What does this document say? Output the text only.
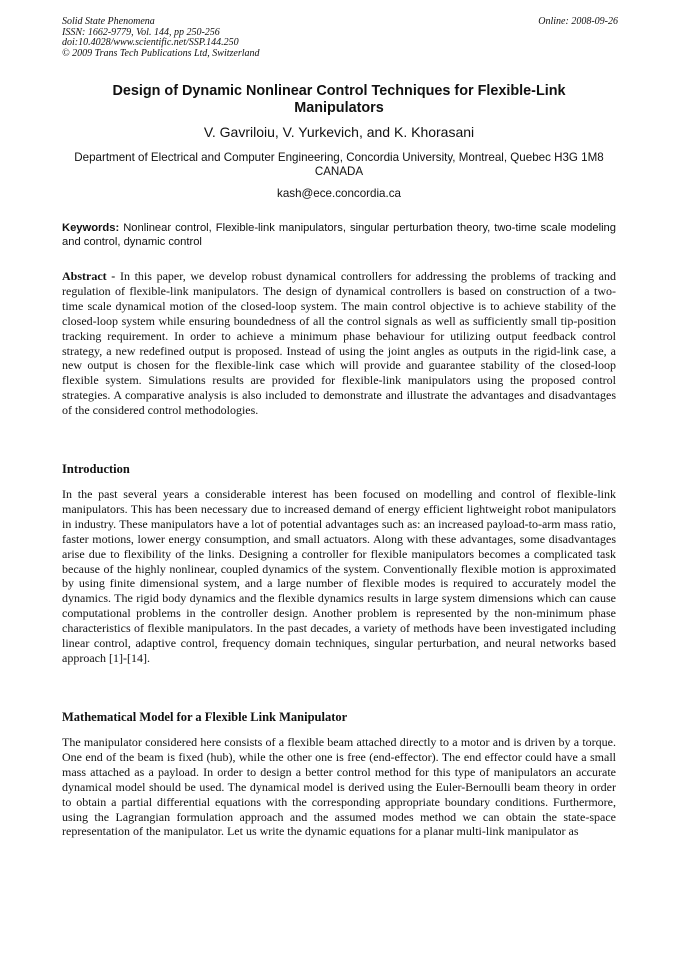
Solid State Phenomena
ISSN: 1662-9779, Vol. 144, pp 250-256
doi:10.4028/www.scientific.net/SSP.144.250
© 2009 Trans Tech Publications Ltd, Switzerland
Online: 2008-09-26
Design of Dynamic Nonlinear Control Techniques for Flexible-Link Manipulators
V. Gavriloiu, V. Yurkevich, and K. Khorasani
Department of Electrical and Computer Engineering, Concordia University, Montreal, Quebec H3G 1M8 CANADA
kash@ece.concordia.ca
Keywords: Nonlinear control, Flexible-link manipulators, singular perturbation theory, two-time scale modeling and control, dynamic control

Abstract - In this paper, we develop robust dynamical controllers for addressing the problems of tracking and regulation of flexible-link manipulators. The design of dynamical controllers is based on construction of a two-time scale dynamical motion of the closed-loop system. The main control objective is to achieve stability of the closed-loop system while ensuring boundedness of all the control signals as well as sufficiently small tip-position tracking requirement. In order to achieve a minimum phase behaviour for utilizing output feedback control strategy, a new redefined output is proposed. Instead of using the joint angles as outputs in the rigid-link case, a new output is chosen for the flexible-link case which will provide and guarantee stability of the closed-loop flexible system. Simulations results are provided for flexible-link manipulators using the proposed control strategies. A comparative analysis is also included to demonstrate and illustrate the advantages and disadvantages of the considered control methodologies.

Introduction

In the past several years a considerable interest has been focused on modelling and control of flexible-link manipulators. This has been necessary due to increased demand of energy efficient lightweight robot manipulators in industry. These manipulators have a lot of potential advantages such as: an increased payload-to-arm mass ratio, faster motions, lower energy consumption, and small actuators. Along with these advantages, some disadvantages arise due to flexibility of the links. Designing a controller for flexible manipulators becomes a complicated task because of the highly nonlinear, coupled dynamics of the system. Conventionally flexible motion is approximated by using finite dimensional system, and a large number of flexible modes is required to accurately model the dynamics. The rigid body dynamics and the flexible dynamics results in large system dimensions which can cause computational problems in the controller design. Another problem is represented by the non-minimum phase characteristics of flexible manipulators. In the past decades, a variety of methods have been investigated including linear control, adaptive control, frequency domain techniques, singular perturbation, and neural networks based approach [1]-[14].

Mathematical Model for a Flexible Link Manipulator

The manipulator considered here consists of a flexible beam attached directly to a motor and is driven by a torque. One end of the beam is fixed (hub), while the other one is free (end-effector). The end effector could have a small mass attached as a payload. In order to design a better control method for this type of manipulators an accurate dynamical model should be used. The dynamical model is derived using the Euler-Bernoulli beam theory in order to obtain a partial differential equations with the corresponding appropriate boundary conditions. Furthermore, using the Lagrangian formulation approach and the assumed modes method we can obtain the state-space representation of the manipulator. Let us write the dynamic equations for a planar multi-link manipulator as
